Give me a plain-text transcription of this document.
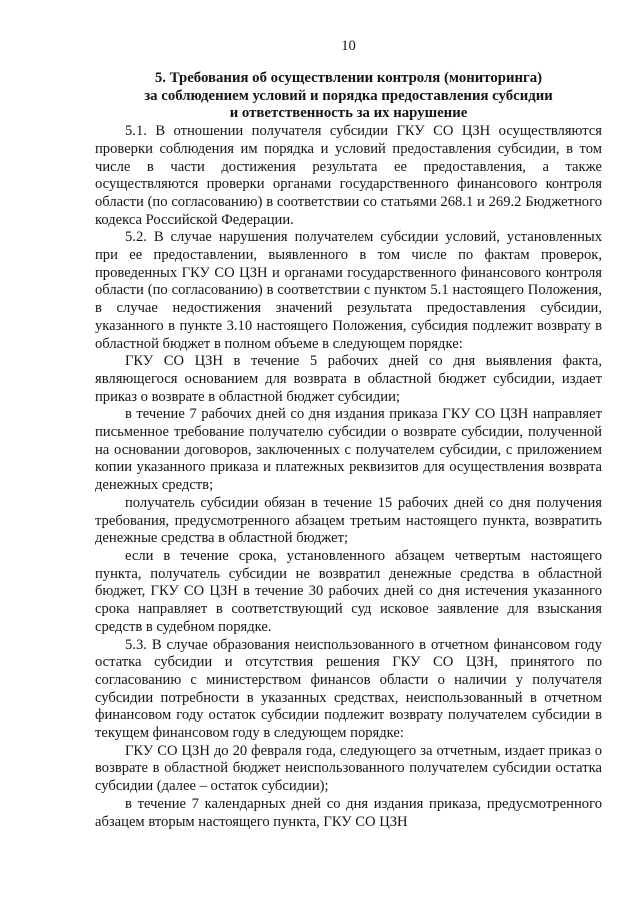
10
5. Требования об осуществлении контроля (мониторинга)
за соблюдением условий и порядка предоставления субсидии
и ответственность за их нарушение

5.1. В отношении получателя субсидии ГКУ СО ЦЗН осуществляются проверки соблюдения им порядка и условий предоставления субсидии, в том числе в части достижения результата ее предоставления, а также осуществляются проверки органами государственного финансового контроля области (по согласованию) в соответствии со статьями 268.1 и 269.2 Бюджетного кодекса Российской Федерации.

5.2. В случае нарушения получателем субсидии условий, установленных при ее предоставлении, выявленного в том числе по фактам проверок, проведенных ГКУ СО ЦЗН и органами государственного финансового контроля области (по согласованию) в соответствии с пунктом 5.1 настоящего Положения, в случае недостижения значений результата предоставления субсидии, указанного в пункте 3.10 настоящего Положения, субсидия подлежит возврату в областной бюджет в полном объеме в следующем порядке:

ГКУ СО ЦЗН в течение 5 рабочих дней со дня выявления факта, являющегося основанием для возврата в областной бюджет субсидии, издает приказ о возврате в областной бюджет субсидии;

в течение 7 рабочих дней со дня издания приказа ГКУ СО ЦЗН направляет письменное требование получателю субсидии о возврате субсидии, полученной на основании договоров, заключенных с получателем субсидии, с приложением копии указанного приказа и платежных реквизитов для осуществления возврата денежных средств;

получатель субсидии обязан в течение 15 рабочих дней со дня получения требования, предусмотренного абзацем третьим настоящего пункта, возвратить денежные средства в областной бюджет;

если в течение срока, установленного абзацем четвертым настоящего пункта, получатель субсидии не возвратил денежные средства в областной бюджет, ГКУ СО ЦЗН в течение 30 рабочих дней со дня истечения указанного срока направляет в соответствующий суд исковое заявление для взыскания средств в судебном порядке.

5.3. В случае образования неиспользованного в отчетном финансовом году остатка субсидии и отсутствия решения ГКУ СО ЦЗН, принятого по согласованию с министерством финансов области о наличии у получателя субсидии потребности в указанных средствах, неиспользованный в отчетном финансовом году остаток субсидии подлежит возврату получателем субсидии в текущем финансовом году в следующем порядке:

ГКУ СО ЦЗН до 20 февраля года, следующего за отчетным, издает приказ о возврате в областной бюджет неиспользованного получателем субсидии остатка субсидии (далее – остаток субсидии);

в течение 7 календарных дней со дня издания приказа, предусмотренного абзацем вторым настоящего пункта, ГКУ СО ЦЗН
